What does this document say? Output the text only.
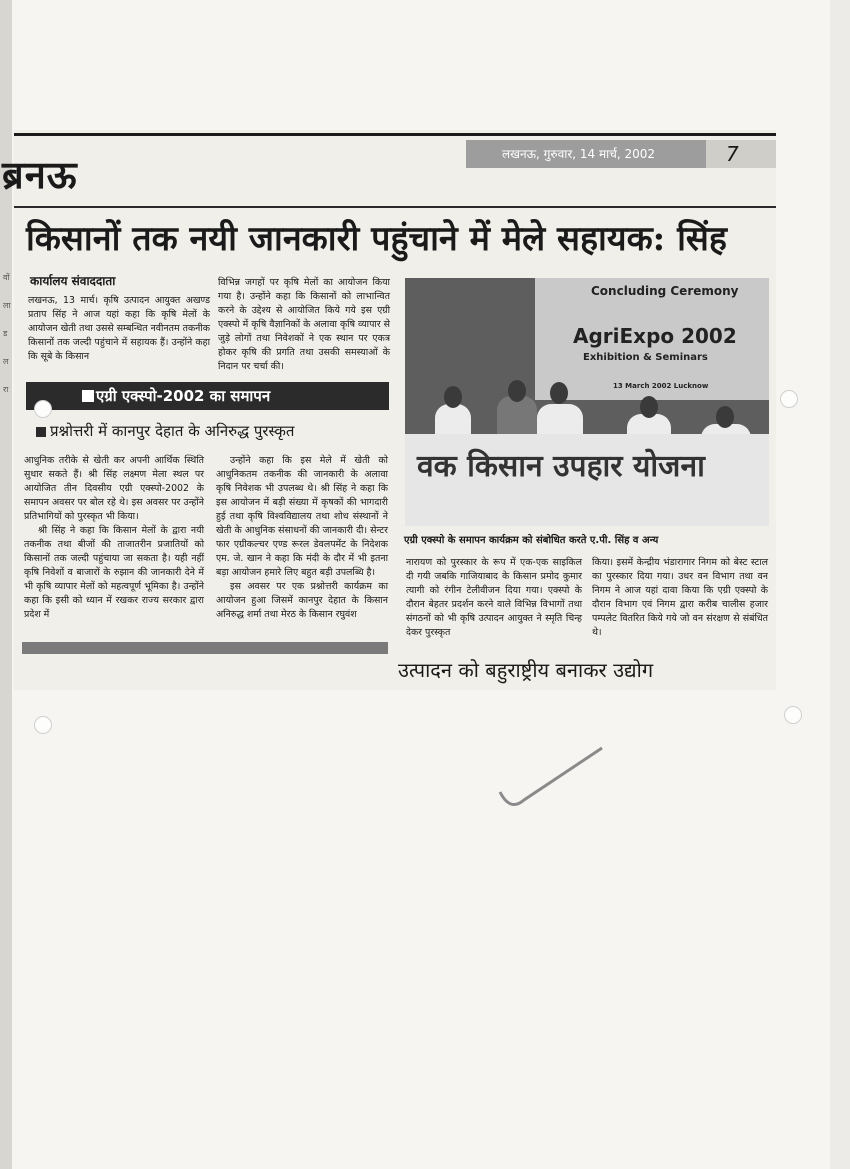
लखनऊ, गुरुवार, 14 मार्च, 2002	7
ब्रनऊ
वों
ला
ड
ल
रा
किसानों तक नयी जानकारी पहुंचाने में मेले सहायक: सिंह
कार्यालय संवाददाता
लखनऊ, 13 मार्च। कृषि उत्पादन आयुक्त अखण्ड प्रताप सिंह ने आज यहां कहा कि कृषि मेलों के आयोजन खेती तथा उससे सम्बन्धित नवीनतम तकनीक किसानों तक जल्दी पहुंचाने में सहायक हैं। उन्होंने कहा कि सूबे के किसान
विभिन्न जगहों पर कृषि मेलों का आयोजन किया गया है। उन्होंने कहा कि किसानों को लाभान्वित करने के उद्देश्य से आयोजित किये गये इस एग्री एक्स्पो में कृषि वैज्ञानिकों के अलावा कृषि व्यापार से जुड़े लोगों तथा निवेशकों ने एक स्थान पर एकत्र होकर कृषि की प्रगति तथा उसकी समस्याओं के निदान पर चर्चा की।
एग्री एक्स्पो-2002 का समापन
प्रश्नोत्तरी में कानपुर देहात के अनिरुद्ध पुरस्कृत
आधुनिक तरीके से खेती कर अपनी आर्थिक स्थिति सुधार सकते हैं। श्री सिंह लक्ष्मण मेला स्थल पर आयोजित तीन दिवसीय एग्री एक्स्पो-2002 के समापन अवसर पर बोल रहे थे। इस अवसर पर उन्होंने प्रतिभागियों को पुरस्कृत भी किया।
श्री सिंह ने कहा कि किसान मेलों के द्वारा नयी तकनीक तथा बीजों की ताजातरीन प्रजातियों को किसानों तक जल्दी पहुंचाया जा सकता है। यही नहीं कृषि निवेशों व बाजारों के रुझान की जानकारी देने में भी कृषि व्यापार मेलों को महत्वपूर्ण भूमिका है। उन्होंने कहा कि इसी को ध्यान में रखकर राज्य सरकार द्वारा प्रदेश में
उन्होंने कहा कि इस मेले में खेती को आधुनिकतम तकनीक की जानकारी के अलावा कृषि निवेशक भी उपलब्ध थे। श्री सिंह ने कहा कि इस आयोजन में बड़ी संख्या में कृषकों की भागदारी हुई तथा कृषि विश्वविद्यालय तथा शोध संस्थानों ने खेती के आधुनिक संसाधनों की जानकारी दी। सेन्टर फार एग्रीकल्चर एण्ड रूरल डेवलपमेंट के निदेशक एम. जे. खान ने कहा कि मंदी के दौर में भी इतना बड़ा आयोजन हमारे लिए बहुत बड़ी उपलब्धि है।
इस अवसर पर एक प्रश्नोत्तरी कार्यक्रम का आयोजन हुआ जिसमें कानपुर देहात के किसान अनिरुद्ध शर्मा तथा मेरठ के किसान रघुवंश
Concluding Ceremony
AgriExpo 2002
Exhibition & Seminars
13 March 2002 Lucknow
वक किसान उपहार योजना
एग्री एक्स्पो के समापन कार्यक्रम को संबोधित करते ए.पी. सिंह व अन्य
नारायण को पुरस्कार के रूप में एक-एक साइकिल दी गयी जबकि गाजियाबाद के किसान प्रमोद कुमार त्यागी को रंगीन टेलीवीजन दिया गया। एक्स्पो के दौरान बेहतर प्रदर्शन करने वाले विभिन्न विभागों तथा संगठनों को भी कृषि उत्पादन आयुक्त ने स्मृति चिन्ह देकर पुरस्कृत
किया। इसमें केन्द्रीय भंडारागार निगम को बेस्ट स्टाल का पुरस्कार दिया गया। उधर वन विभाग तथा वन निगम ने आज यहां दावा किया कि एग्री एक्स्पो के दौरान विभाग एवं निगम द्वारा करीब चालीस हजार पम्पलेट वितरित किये गये जो वन संरक्षण से संबंधित थे।
उत्पादन को बहुराष्ट्रीय बनाकर उद्योग
